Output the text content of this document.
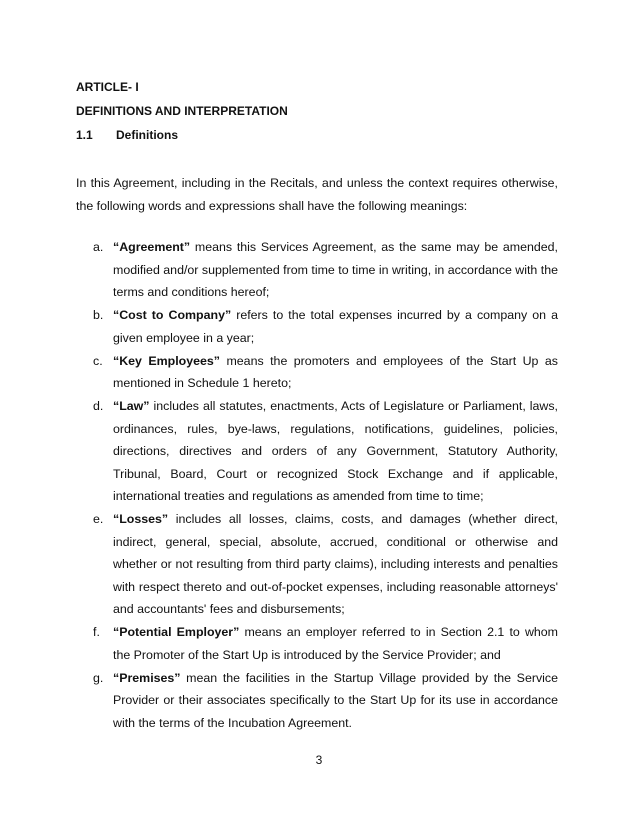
ARTICLE- I
DEFINITIONS AND INTERPRETATION
1.1 Definitions

In this Agreement, including in the Recitals, and unless the context requires otherwise, the following words and expressions shall have the following meanings:

a. “Agreement” means this Services Agreement, as the same may be amended, modified and/or supplemented from time to time in writing, in accordance with the terms and conditions hereof;
b. “Cost to Company” refers to the total expenses incurred by a company on a given employee in a year;
c. “Key Employees” means the promoters and employees of the Start Up as mentioned in Schedule 1 hereto;
d. “Law” includes all statutes, enactments, Acts of Legislature or Parliament, laws, ordinances, rules, bye-laws, regulations, notifications, guidelines, policies, directions, directives and orders of any Government, Statutory Authority, Tribunal, Board, Court or recognized Stock Exchange and if applicable, international treaties and regulations as amended from time to time;
e. “Losses” includes all losses, claims, costs, and damages (whether direct, indirect, general, special, absolute, accrued, conditional or otherwise and whether or not resulting from third party claims), including interests and penalties with respect thereto and out-of-pocket expenses, including reasonable attorneys' and accountants' fees and disbursements;
f. “Potential Employer” means an employer referred to in Section 2.1 to whom the Promoter of the Start Up is introduced by the Service Provider; and
g. “Premises” mean the facilities in the Startup Village provided by the Service Provider or their associates specifically to the Start Up for its use in accordance with the terms of the Incubation Agreement.
3
